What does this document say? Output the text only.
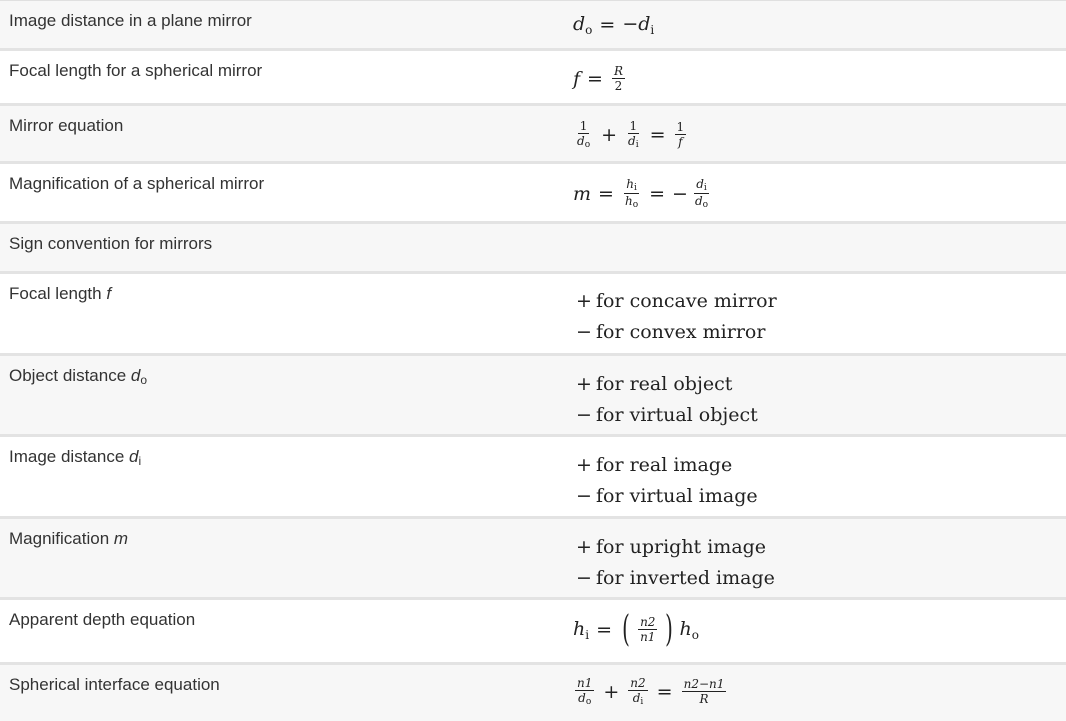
Image distance in a plane mirror	$d_o = -d_i$
Focal length for a spherical mirror	$f = \frac{R}{2}$
Mirror equation	$\frac{1}{d_o} + \frac{1}{d_i} = \frac{1}{f}$
Magnification of a spherical mirror	$m = \frac{h_i}{h_o}$ = − $\frac{d_i}{d_o}$
Sign convention for mirrors
Focal length f	+ for concave mirror
− for convex mirror
Object distance $d_o$	+ for real object
− for virtual object
Image distance $d_i$	+ for real image
− for virtual image
Magnification m	+ for upright image
− for inverted image
Apparent depth equation	$h_i$ = ( $\frac{n2}{n1}$ ) $h_o$
Spherical interface equation	$\frac{n1}{d_o} + \frac{n2}{d_i} = \frac{n2-n1}{R}$
